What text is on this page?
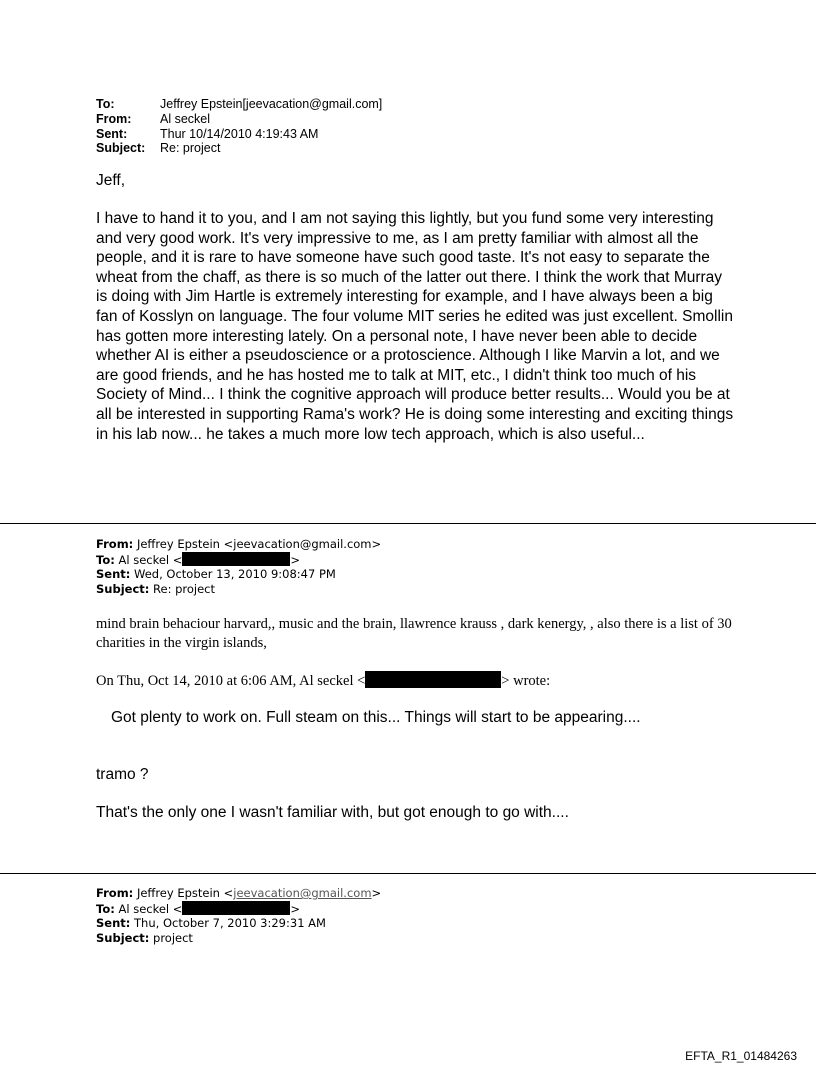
To:	Jeffrey Epstein[jeevacation@gmail.com]
From:	Al seckel
Sent:	Thur 10/14/2010 4:19:43 AM
Subject:	Re: project
Jeff,
I have to hand it to you, and I am not saying this lightly, but you fund some very interesting and very good work. It's very impressive to me, as I am pretty familiar with almost all the people, and it is rare to have someone have such good taste. It's not easy to separate the wheat from the chaff, as there is so much of the latter out there. I think the work that Murray is doing with Jim Hartle is extremely interesting for example, and I have always been a big fan of Kosslyn on language. The four volume MIT series he edited was just excellent. Smollin has gotten more interesting lately. On a personal note, I have never been able to decide whether AI is either a pseudoscience or a protoscience. Although I like Marvin a lot, and we are good friends, and he has hosted me to talk at MIT, etc., I didn't think too much of his Society of Mind... I think the cognitive approach will produce better results... Would you be at all be interested in supporting Rama's work? He is doing some interesting and exciting things in his lab now... he takes a much more low tech approach, which is also useful...
From: Jeffrey Epstein <jeevacation@gmail.com>
To: Al seckel <	>
Sent: Wed, October 13, 2010 9:08:47 PM
Subject: Re: project
mind brain behaciour harvard,, music and the brain, llawrence krauss , dark kenergy, , also there is a list of 30 charities in the virgin islands,
On Thu, Oct 14, 2010 at 6:06 AM, Al seckel <	> wrote:
Got plenty to work on. Full steam on this... Things will start to be appearing....
tramo ?
That's the only one I wasn't familiar with, but got enough to go with....
From: Jeffrey Epstein <jeevacation@gmail.com>
To: Al seckel <	>
Sent: Thu, October 7, 2010 3:29:31 AM
Subject: project
EFTA_R1_01484263
